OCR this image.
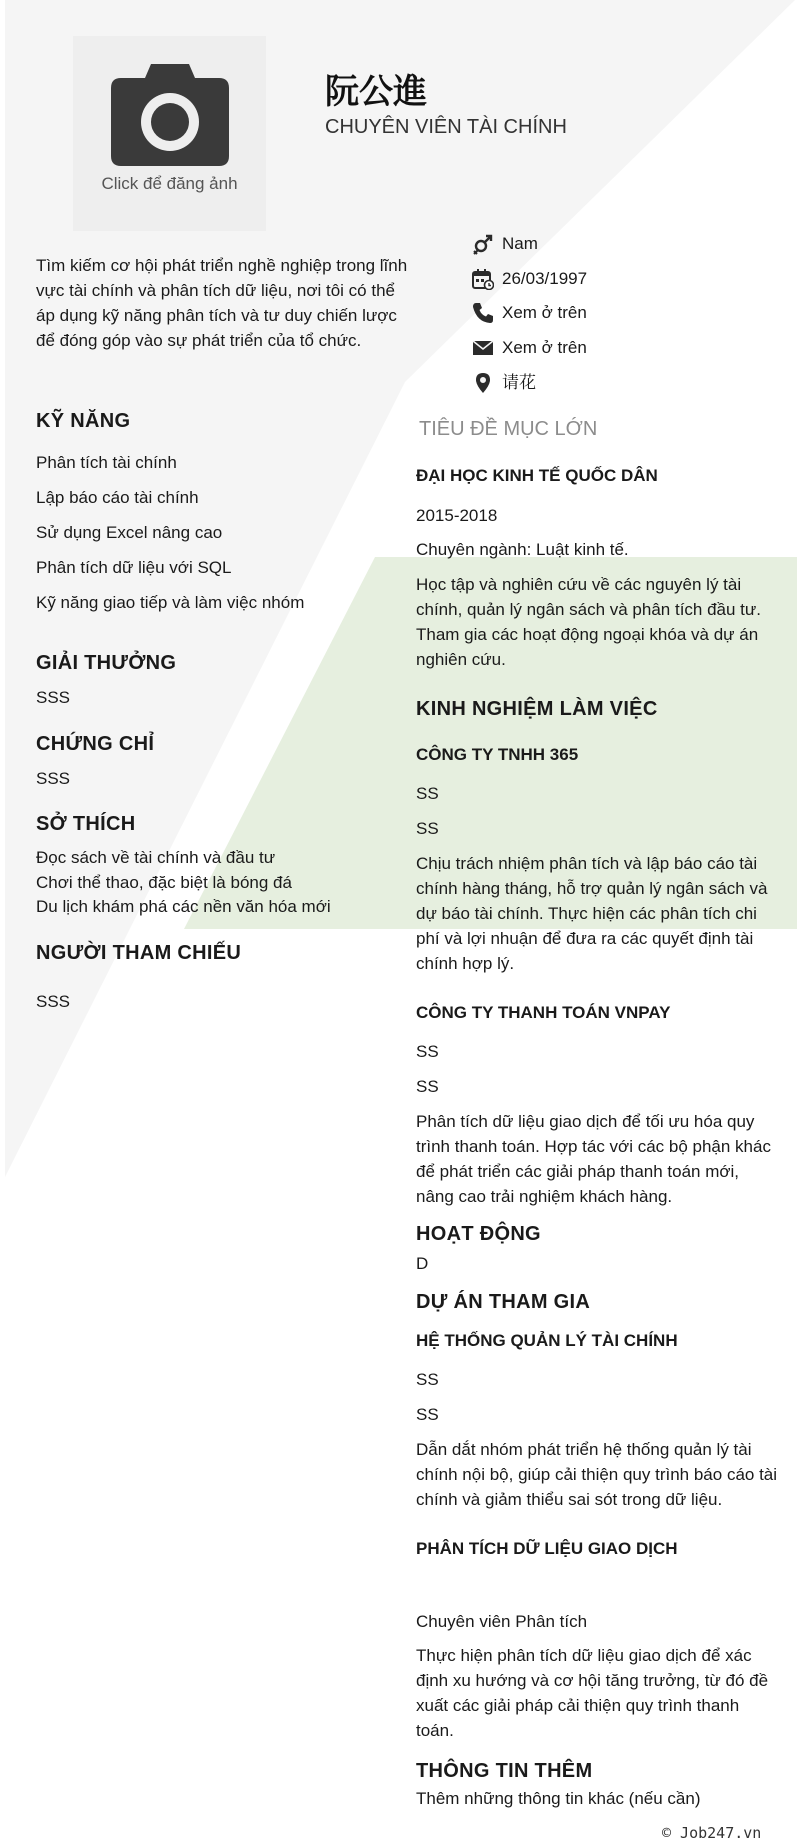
Click để đăng ảnh
阮公進
CHUYÊN VIÊN TÀI CHÍNH
Tìm kiếm cơ hội phát triển nghề nghiệp trong lĩnh vực tài chính và phân tích dữ liệu, nơi tôi có thể áp dụng kỹ năng phân tích và tư duy chiến lược để đóng góp vào sự phát triển của tổ chức.
Nam
26/03/1997
Xem ở trên
Xem ở trên
请花
KỸ NĂNG
Phân tích tài chính
Lập báo cáo tài chính
Sử dụng Excel nâng cao
Phân tích dữ liệu với SQL
Kỹ năng giao tiếp và làm việc nhóm
GIẢI THƯỞNG
SSS
CHỨNG CHỈ
SSS
SỞ THÍCH
Đọc sách về tài chính và đầu tư
Chơi thể thao, đặc biệt là bóng đá
Du lịch khám phá các nền văn hóa mới
NGƯỜI THAM CHIẾU
SSS
TIÊU ĐỀ MỤC LỚN
ĐẠI HỌC KINH TẾ QUỐC DÂN
2015-2018
Chuyên ngành: Luật kinh tế.
Học tập và nghiên cứu về các nguyên lý tài chính, quản lý ngân sách và phân tích đầu tư. Tham gia các hoạt động ngoại khóa và dự án nghiên cứu.
KINH NGHIỆM LÀM VIỆC
CÔNG TY TNHH 365
SS
SS
Chịu trách nhiệm phân tích và lập báo cáo tài chính hàng tháng, hỗ trợ quản lý ngân sách và dự báo tài chính. Thực hiện các phân tích chi phí và lợi nhuận để đưa ra các quyết định tài chính hợp lý.
CÔNG TY THANH TOÁN VNPAY
SS
SS
Phân tích dữ liệu giao dịch để tối ưu hóa quy trình thanh toán. Hợp tác với các bộ phận khác để phát triển các giải pháp thanh toán mới, nâng cao trải nghiệm khách hàng.
HOẠT ĐỘNG
D
DỰ ÁN THAM GIA
HỆ THỐNG QUẢN LÝ TÀI CHÍNH
SS
SS
Dẫn dắt nhóm phát triển hệ thống quản lý tài chính nội bộ, giúp cải thiện quy trình báo cáo tài chính và giảm thiểu sai sót trong dữ liệu.
PHÂN TÍCH DỮ LIỆU GIAO DỊCH
Chuyên viên Phân tích
Thực hiện phân tích dữ liệu giao dịch để xác định xu hướng và cơ hội tăng trưởng, từ đó đề xuất các giải pháp cải thiện quy trình thanh toán.
THÔNG TIN THÊM
Thêm những thông tin khác (nếu cần)
© Job247.vn
